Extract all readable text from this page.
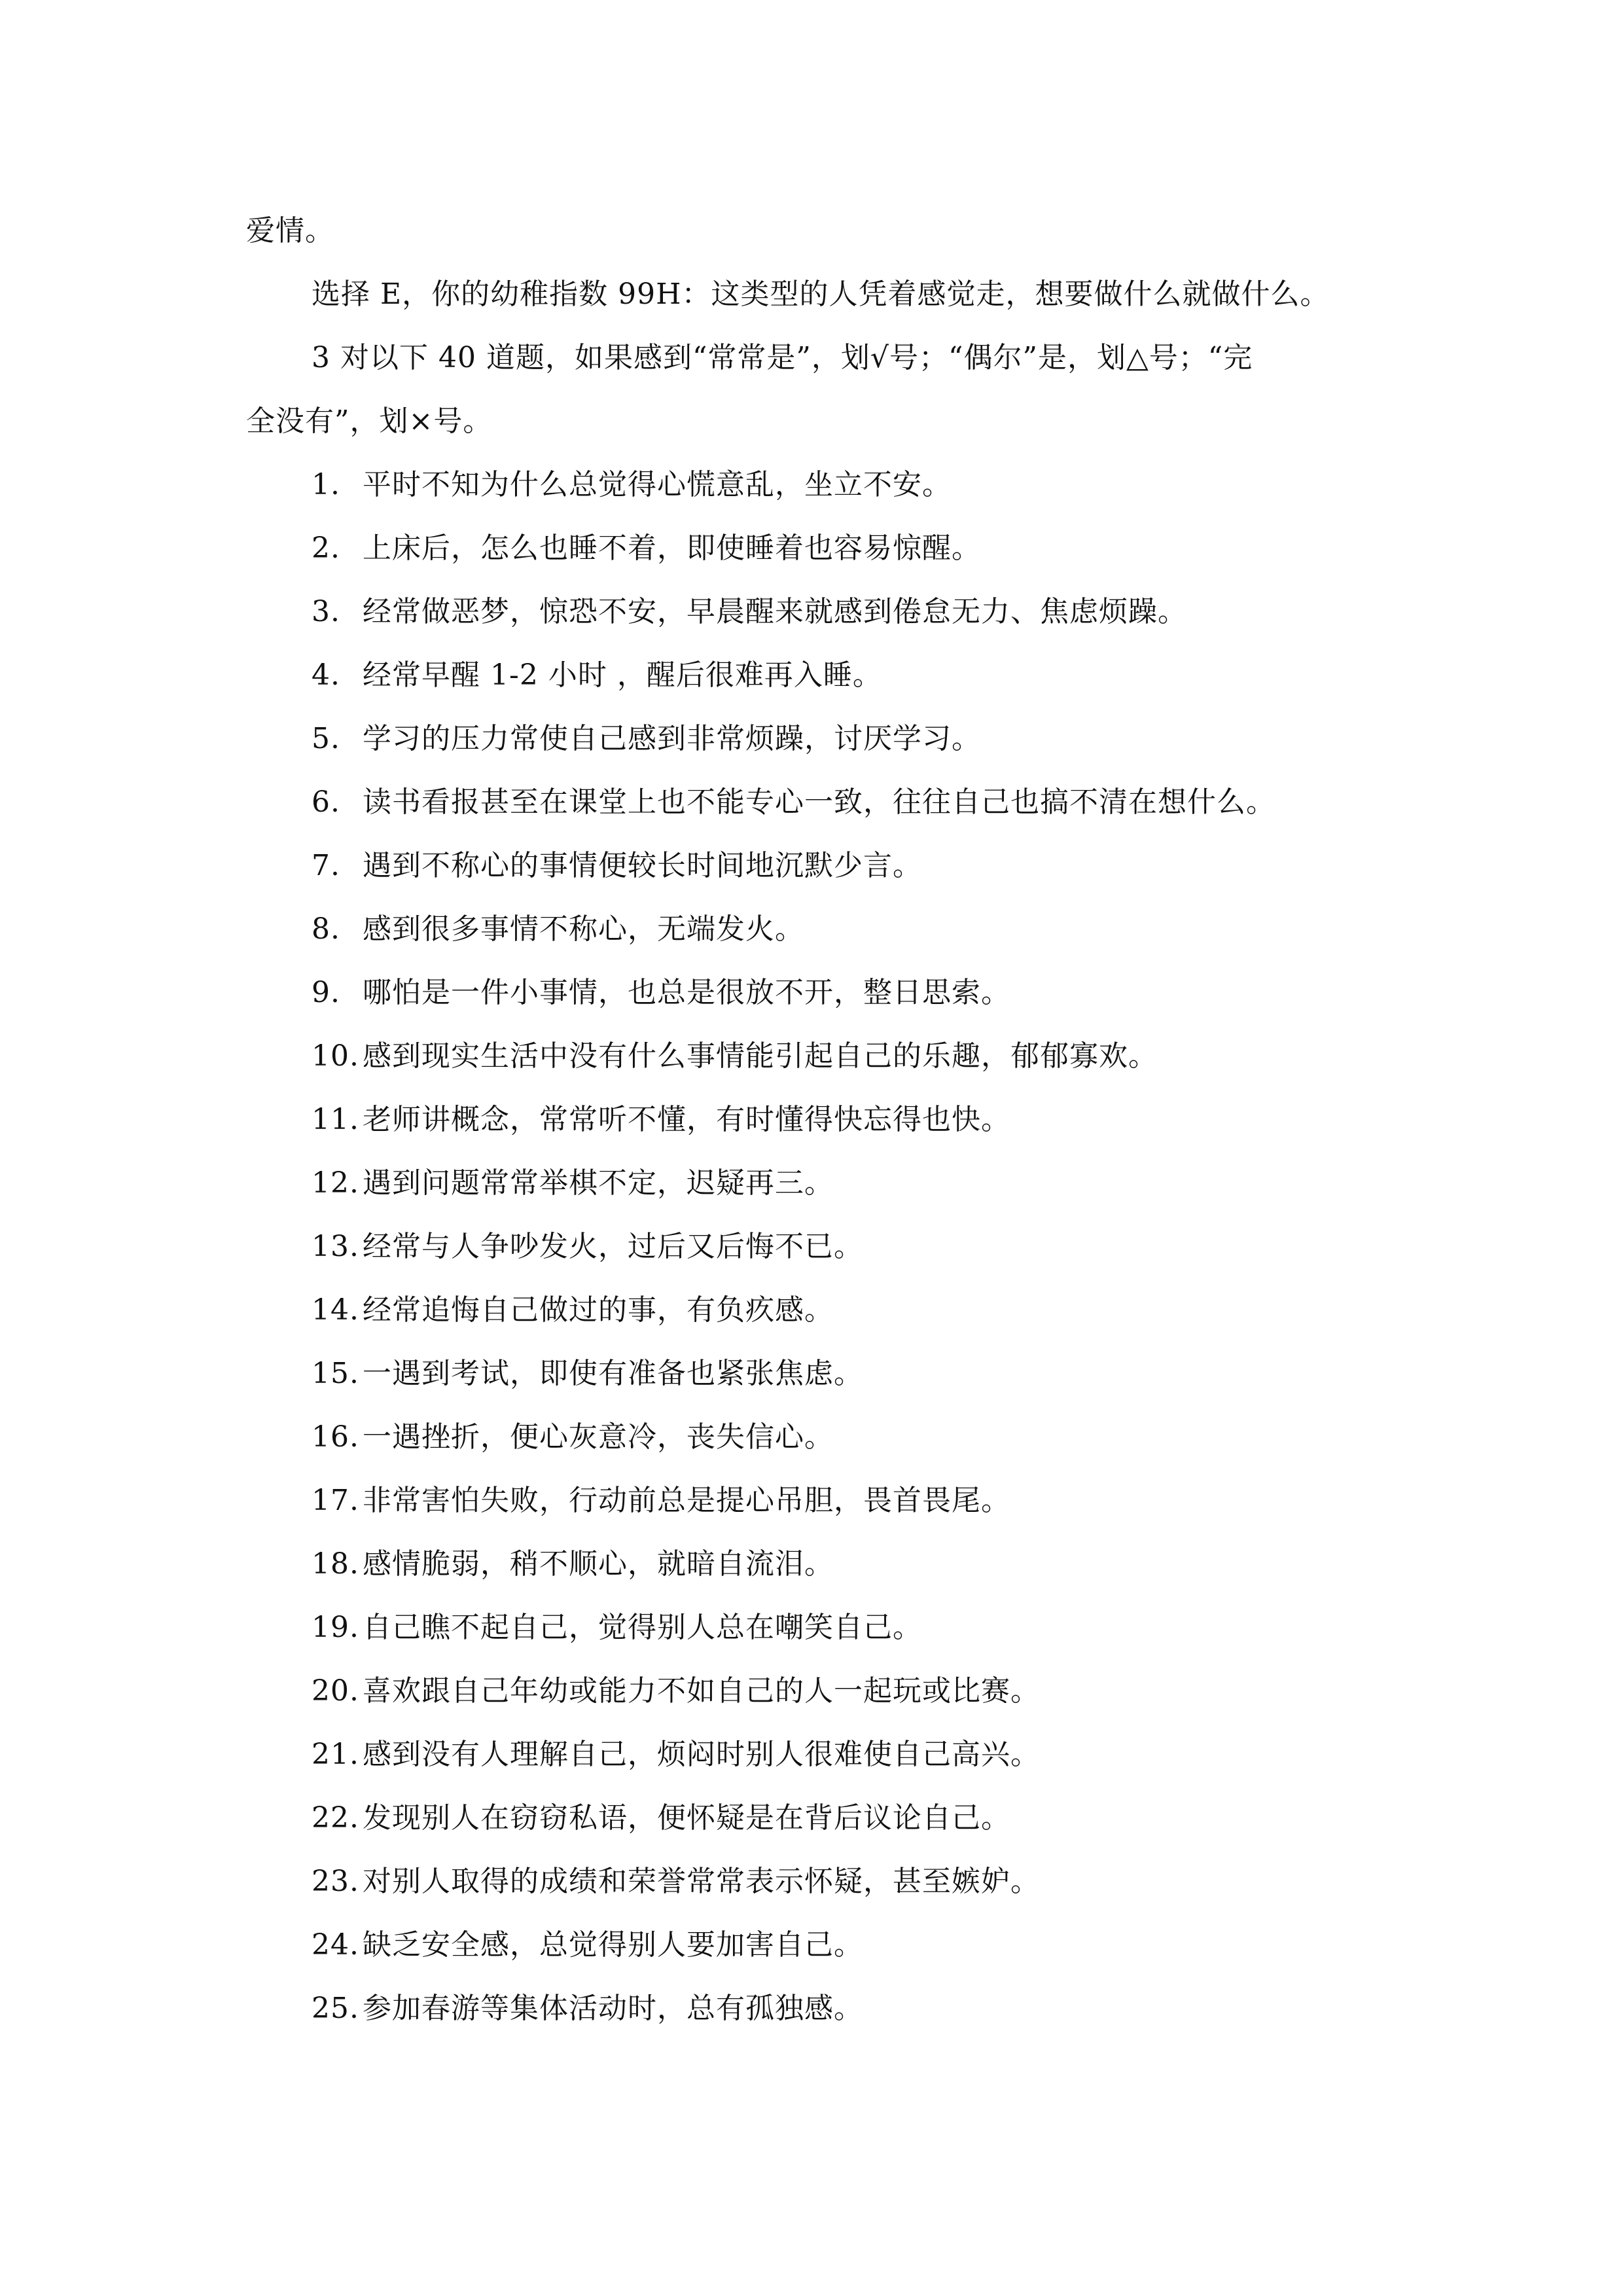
爱情。
选择 E，你的幼稚指数 99H：这类型的人凭着感觉走，想要做什么就做什么。
3 对以下 40 道题，如果感到“常常是”，划√号；“偶尔”是，划△号；“完
全没有”，划×号。
1. 平时不知为什么总觉得心慌意乱，坐立不安。
2. 上床后，怎么也睡不着，即使睡着也容易惊醒。
3. 经常做恶梦，惊恐不安，早晨醒来就感到倦怠无力、焦虑烦躁。
4. 经常早醒 1-2 小时 ，醒后很难再入睡。
5. 学习的压力常使自己感到非常烦躁，讨厌学习。
6. 读书看报甚至在课堂上也不能专心一致，往往自己也搞不清在想什么。
7. 遇到不称心的事情便较长时间地沉默少言。
8. 感到很多事情不称心，无端发火。
9. 哪怕是一件小事情，也总是很放不开，整日思索。
10. 感到现实生活中没有什么事情能引起自己的乐趣，郁郁寡欢。
11. 老师讲概念，常常听不懂，有时懂得快忘得也快。
12. 遇到问题常常举棋不定，迟疑再三。
13. 经常与人争吵发火，过后又后悔不已。
14. 经常追悔自己做过的事，有负疚感。
15. 一遇到考试，即使有准备也紧张焦虑。
16. 一遇挫折，便心灰意冷，丧失信心。
17. 非常害怕失败，行动前总是提心吊胆，畏首畏尾。
18. 感情脆弱，稍不顺心，就暗自流泪。
19. 自己瞧不起自己，觉得别人总在嘲笑自己。
20. 喜欢跟自己年幼或能力不如自己的人一起玩或比赛。
21. 感到没有人理解自己，烦闷时别人很难使自己高兴。
22. 发现别人在窃窃私语，便怀疑是在背后议论自己。
23. 对别人取得的成绩和荣誉常常表示怀疑，甚至嫉妒。
24. 缺乏安全感，总觉得别人要加害自己。
25. 参加春游等集体活动时，总有孤独感。
